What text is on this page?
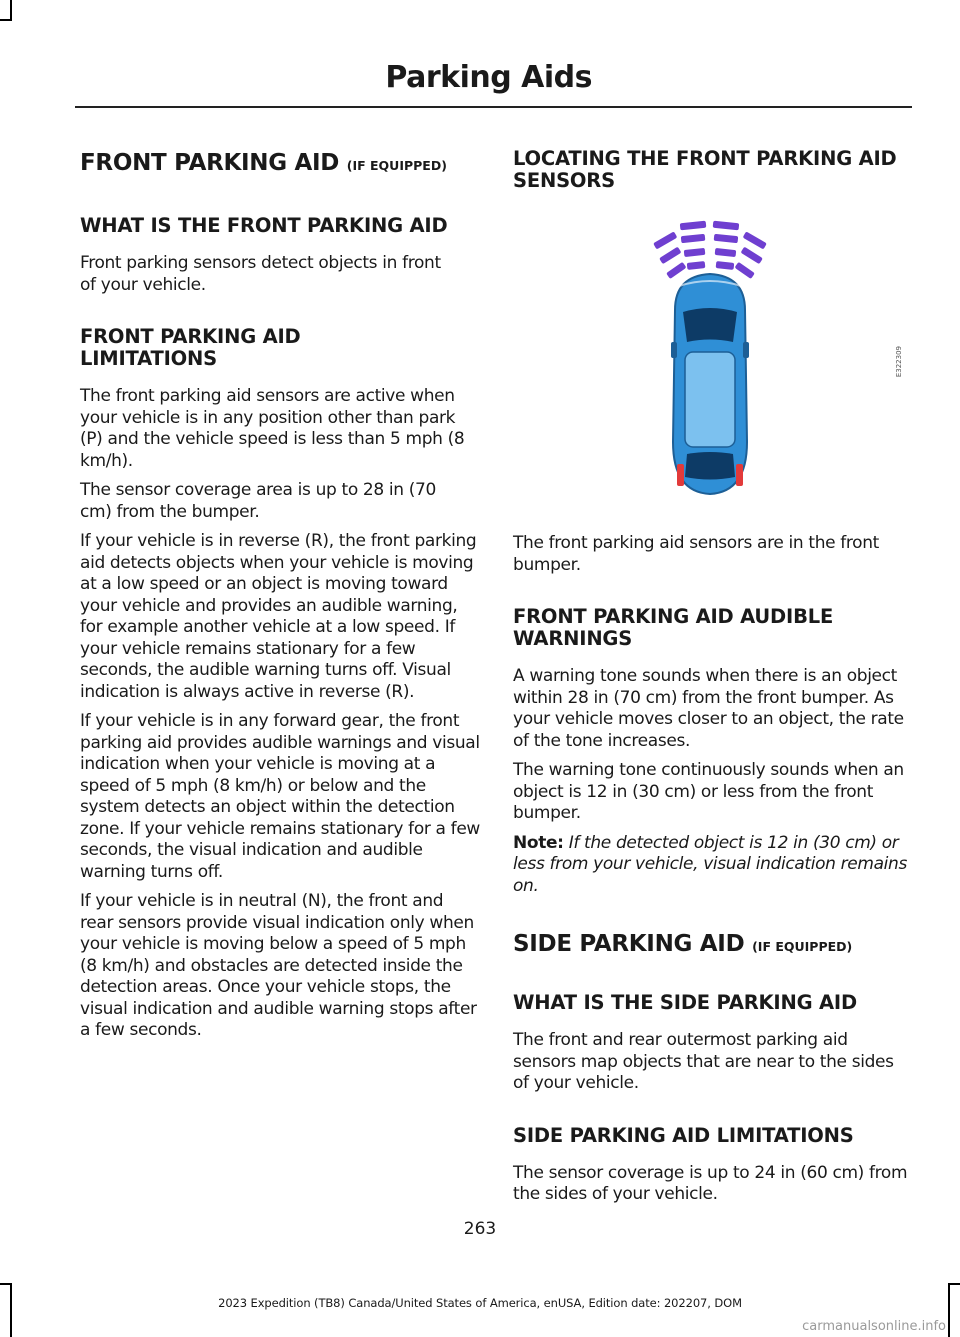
Parking Aids
FRONT PARKING AID (IF EQUIPPED)
WHAT IS THE FRONT PARKING AID

Front parking sensors detect objects in front of your vehicle.

FRONT PARKING AID LIMITATIONS

The front parking aid sensors are active when your vehicle is in any position other than park (P) and the vehicle speed is less than 5 mph (8 km/h).

The sensor coverage area is up to 28 in (70 cm) from the bumper.

If your vehicle is in reverse (R), the front parking aid detects objects when your vehicle is moving at a low speed or an object is moving toward your vehicle and provides an audible warning, for example another vehicle at a low speed. If your vehicle remains stationary for a few seconds, the audible warning turns off. Visual indication is always active in reverse (R).

If your vehicle is in any forward gear, the front parking aid provides audible warnings and visual indication when your vehicle is moving at a speed of 5 mph (8 km/h) or below and the system detects an object within the detection zone. If your vehicle remains stationary for a few seconds, the visual indication and audible warning turns off.

If your vehicle is in neutral (N), the front and rear sensors provide visual indication only when your vehicle is moving below a speed of 5 mph (8 km/h) and obstacles are detected inside the detection areas. Once your vehicle stops, the visual indication and audible warning stops after a few seconds.

LOCATING THE FRONT PARKING AID SENSORS
E322309

The front parking aid sensors are in the front bumper.

FRONT PARKING AID AUDIBLE WARNINGS

A warning tone sounds when there is an object within 28 in (70 cm) from the front bumper. As your vehicle moves closer to an object, the rate of the tone increases.

The warning tone continuously sounds when an object is 12 in (30 cm) or less from the front bumper.

Note: If the detected object is 12 in (30 cm) or less from your vehicle, visual indication remains on.

SIDE PARKING AID (IF EQUIPPED)
WHAT IS THE SIDE PARKING AID

The front and rear outermost parking aid sensors map objects that are near to the sides of your vehicle.

SIDE PARKING AID LIMITATIONS

The sensor coverage is up to 24 in (60 cm) from the sides of your vehicle.

263
2023 Expedition (TB8) Canada/United States of America, enUSA, Edition date: 202207, DOM
carmanualsonline.info
